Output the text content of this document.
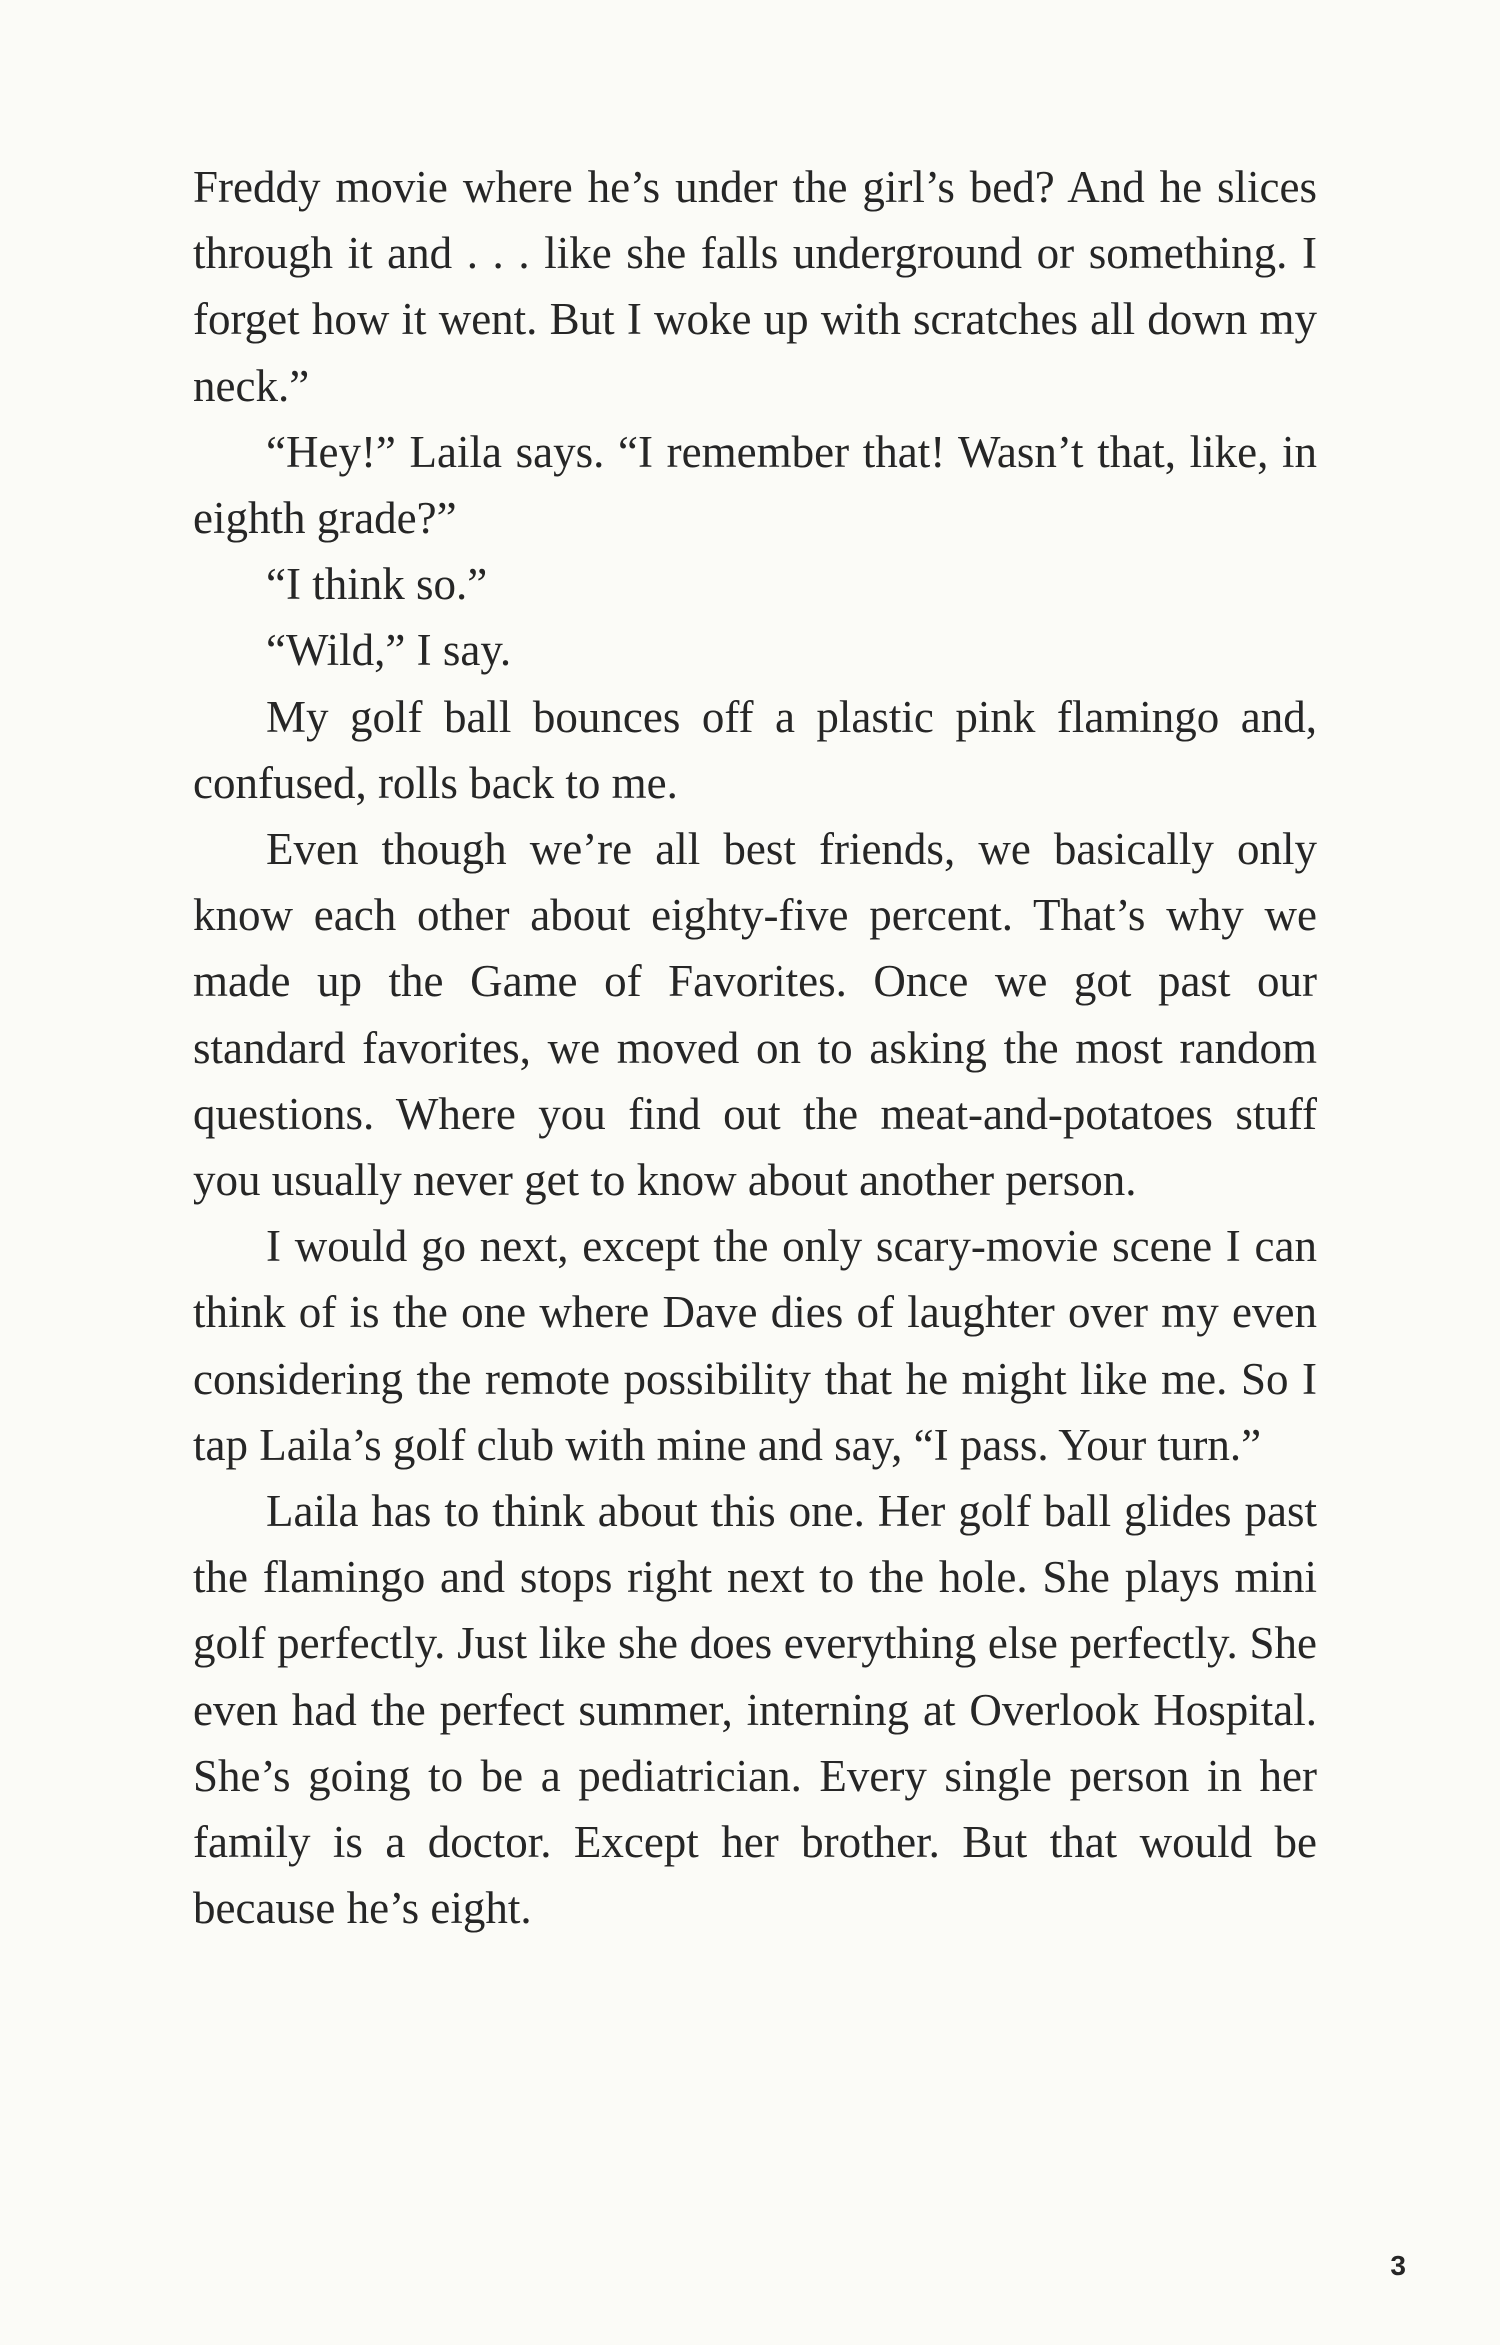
Freddy movie where he’s under the girl’s bed? And he slices through it and . . . like she falls underground or something. I forget how it went. But I woke up with scratches all down my neck.”

“Hey!” Laila says. “I remember that! Wasn’t that, like, in eighth grade?”

“I think so.”

“Wild,” I say.

My golf ball bounces off a plastic pink flamingo and, confused, rolls back to me.

Even though we’re all best friends, we basically only know each other about eighty-five percent. That’s why we made up the Game of Favorites. Once we got past our standard favorites, we moved on to asking the most random questions. Where you find out the meat-and-potatoes stuff you usually never get to know about another person.

I would go next, except the only scary-movie scene I can think of is the one where Dave dies of laughter over my even considering the remote possibility that he might like me. So I tap Laila’s golf club with mine and say, “I pass. Your turn.”

Laila has to think about this one. Her golf ball glides past the flamingo and stops right next to the hole. She plays mini golf perfectly. Just like she does everything else perfectly. She even had the perfect summer, interning at Overlook Hospital. She’s going to be a pediatrician. Every single person in her family is a doctor. Except her brother. But that would be because he’s eight.

3
